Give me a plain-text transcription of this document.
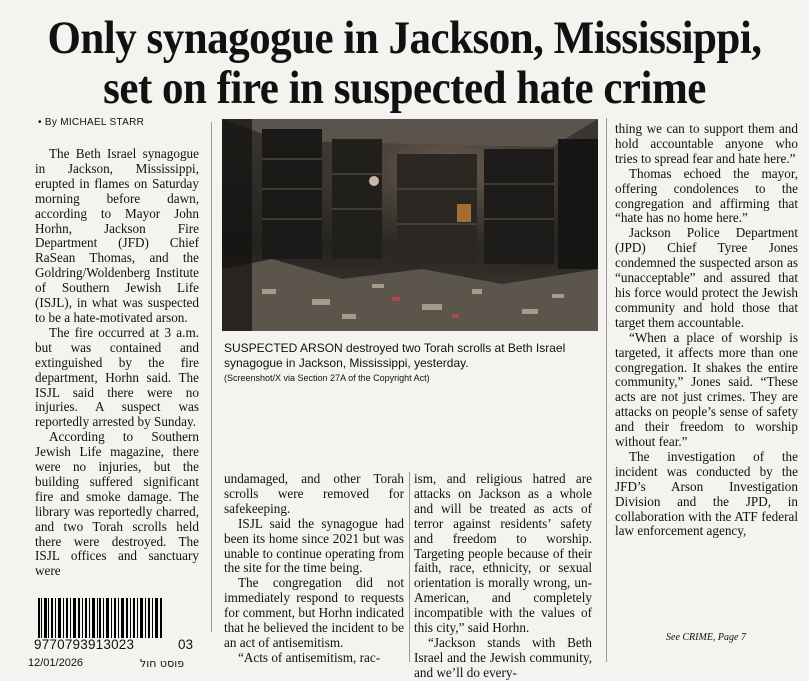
Only synagogue in Jackson, Mississippi,
set on fire in suspected hate crime
• By MICHAEL STARR

The Beth Israel synagogue in Jackson, Mississippi, erupted in flames on Saturday morning before dawn, according to Mayor John Horhn, Jackson Fire Department (JFD) Chief RaSean Thomas, and the Goldring/Woldenberg Institute of Southern Jewish Life (ISJL), in what was suspected to be a hate-motivated arson.

The fire occurred at 3 a.m. but was contained and extinguished by the fire department, Horhn said. The ISJL said there were no injuries. A suspect was reportedly arrested by Sunday.

According to Southern Jewish Life magazine, there were no injuries, but the building suffered significant fire and smoke damage. The library was reportedly charred, and two Torah scrolls held there were destroyed. The ISJL offices and sanctuary were

SUSPECTED ARSON destroyed two Torah scrolls at Beth Israel synagogue in Jackson, Mississippi, yesterday.
(Screenshot/X via Section 27A of the Copyright Act)

undamaged, and other Torah scrolls were removed for safekeeping.

ISJL said the synagogue had been its home since 2021 but was unable to continue operating from the site for the time being.

The congregation did not immediately respond to requests for comment, but Horhn indicated that he believed the incident to be an act of antisemitism.

“Acts of antisemitism, rac-

ism, and religious hatred are attacks on Jackson as a whole and will be treated as acts of terror against residents’ safety and freedom to worship. Targeting people because of their faith, race, ethnicity, or sexual orientation is morally wrong, un-American, and completely incompatible with the values of this city,” said Horhn.

“Jackson stands with Beth Israel and the Jewish community, and we’ll do every-

thing we can to support them and hold accountable anyone who tries to spread fear and hate here.”

Thomas echoed the mayor, offering condolences to the congregation and affirming that “hate has no home here.”

Jackson Police Department (JPD) Chief Tyree Jones condemned the suspected arson as “unacceptable” and assured that his force would protect the Jewish community and hold those that target them accountable.

“When a place of worship is targeted, it affects more than one congregation. It shakes the entire community,” Jones said. “These acts are not just crimes. They are attacks on people’s sense of safety and their freedom to worship without fear.”

The investigation of the incident was conducted by the JFD’s Arson Investigation Division and the JPD, in collaboration with the ATF federal law enforcement agency,

See CRIME, Page 7
9770793913023	03
12/01/2026	פוסט חול
